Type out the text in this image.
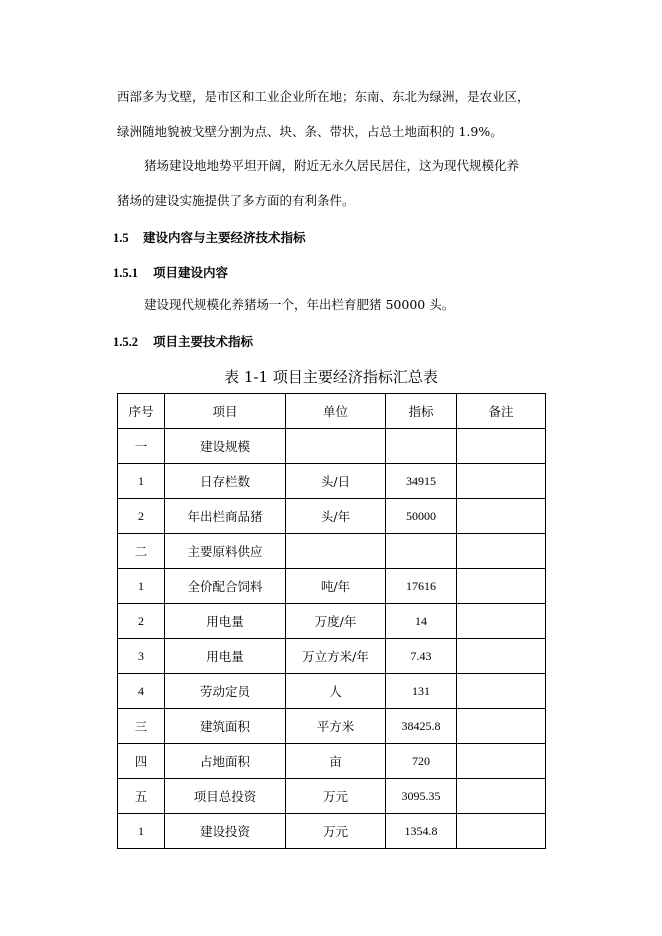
西部多为戈壁，是市区和工业企业所在地；东南、东北为绿洲，是农业区，

绿洲随地貌被戈壁分割为点、块、条、带状，占总土地面积的 1.9%。

猪场建设地地势平坦开阔，附近无永久居民居住，这为现代规模化养

猪场的建设实施提供了多方面的有利条件。

1.5 建设内容与主要经济技术指标
1.5.1 项目建设内容

建设现代规模化养猪场一个，年出栏育肥猪 50000 头。

1.5.2 项目主要技术指标

表 1-1 项目主要经济指标汇总表

序号	项目	单位	指标	备注
一	建设规模			
1	日存栏数	头/日	34915	
2	年出栏商品猪	头/年	50000	
二	主要原料供应			
1	全价配合饲料	吨/年	17616	
2	用电量	万度/年	14	
3	用电量	万立方米/年	7.43	
4	劳动定员	人	131	
三	建筑面积	平方米	38425.8	
四	占地面积	亩	720	
五	项目总投资	万元	3095.35	
1	建设投资	万元	1354.8	
